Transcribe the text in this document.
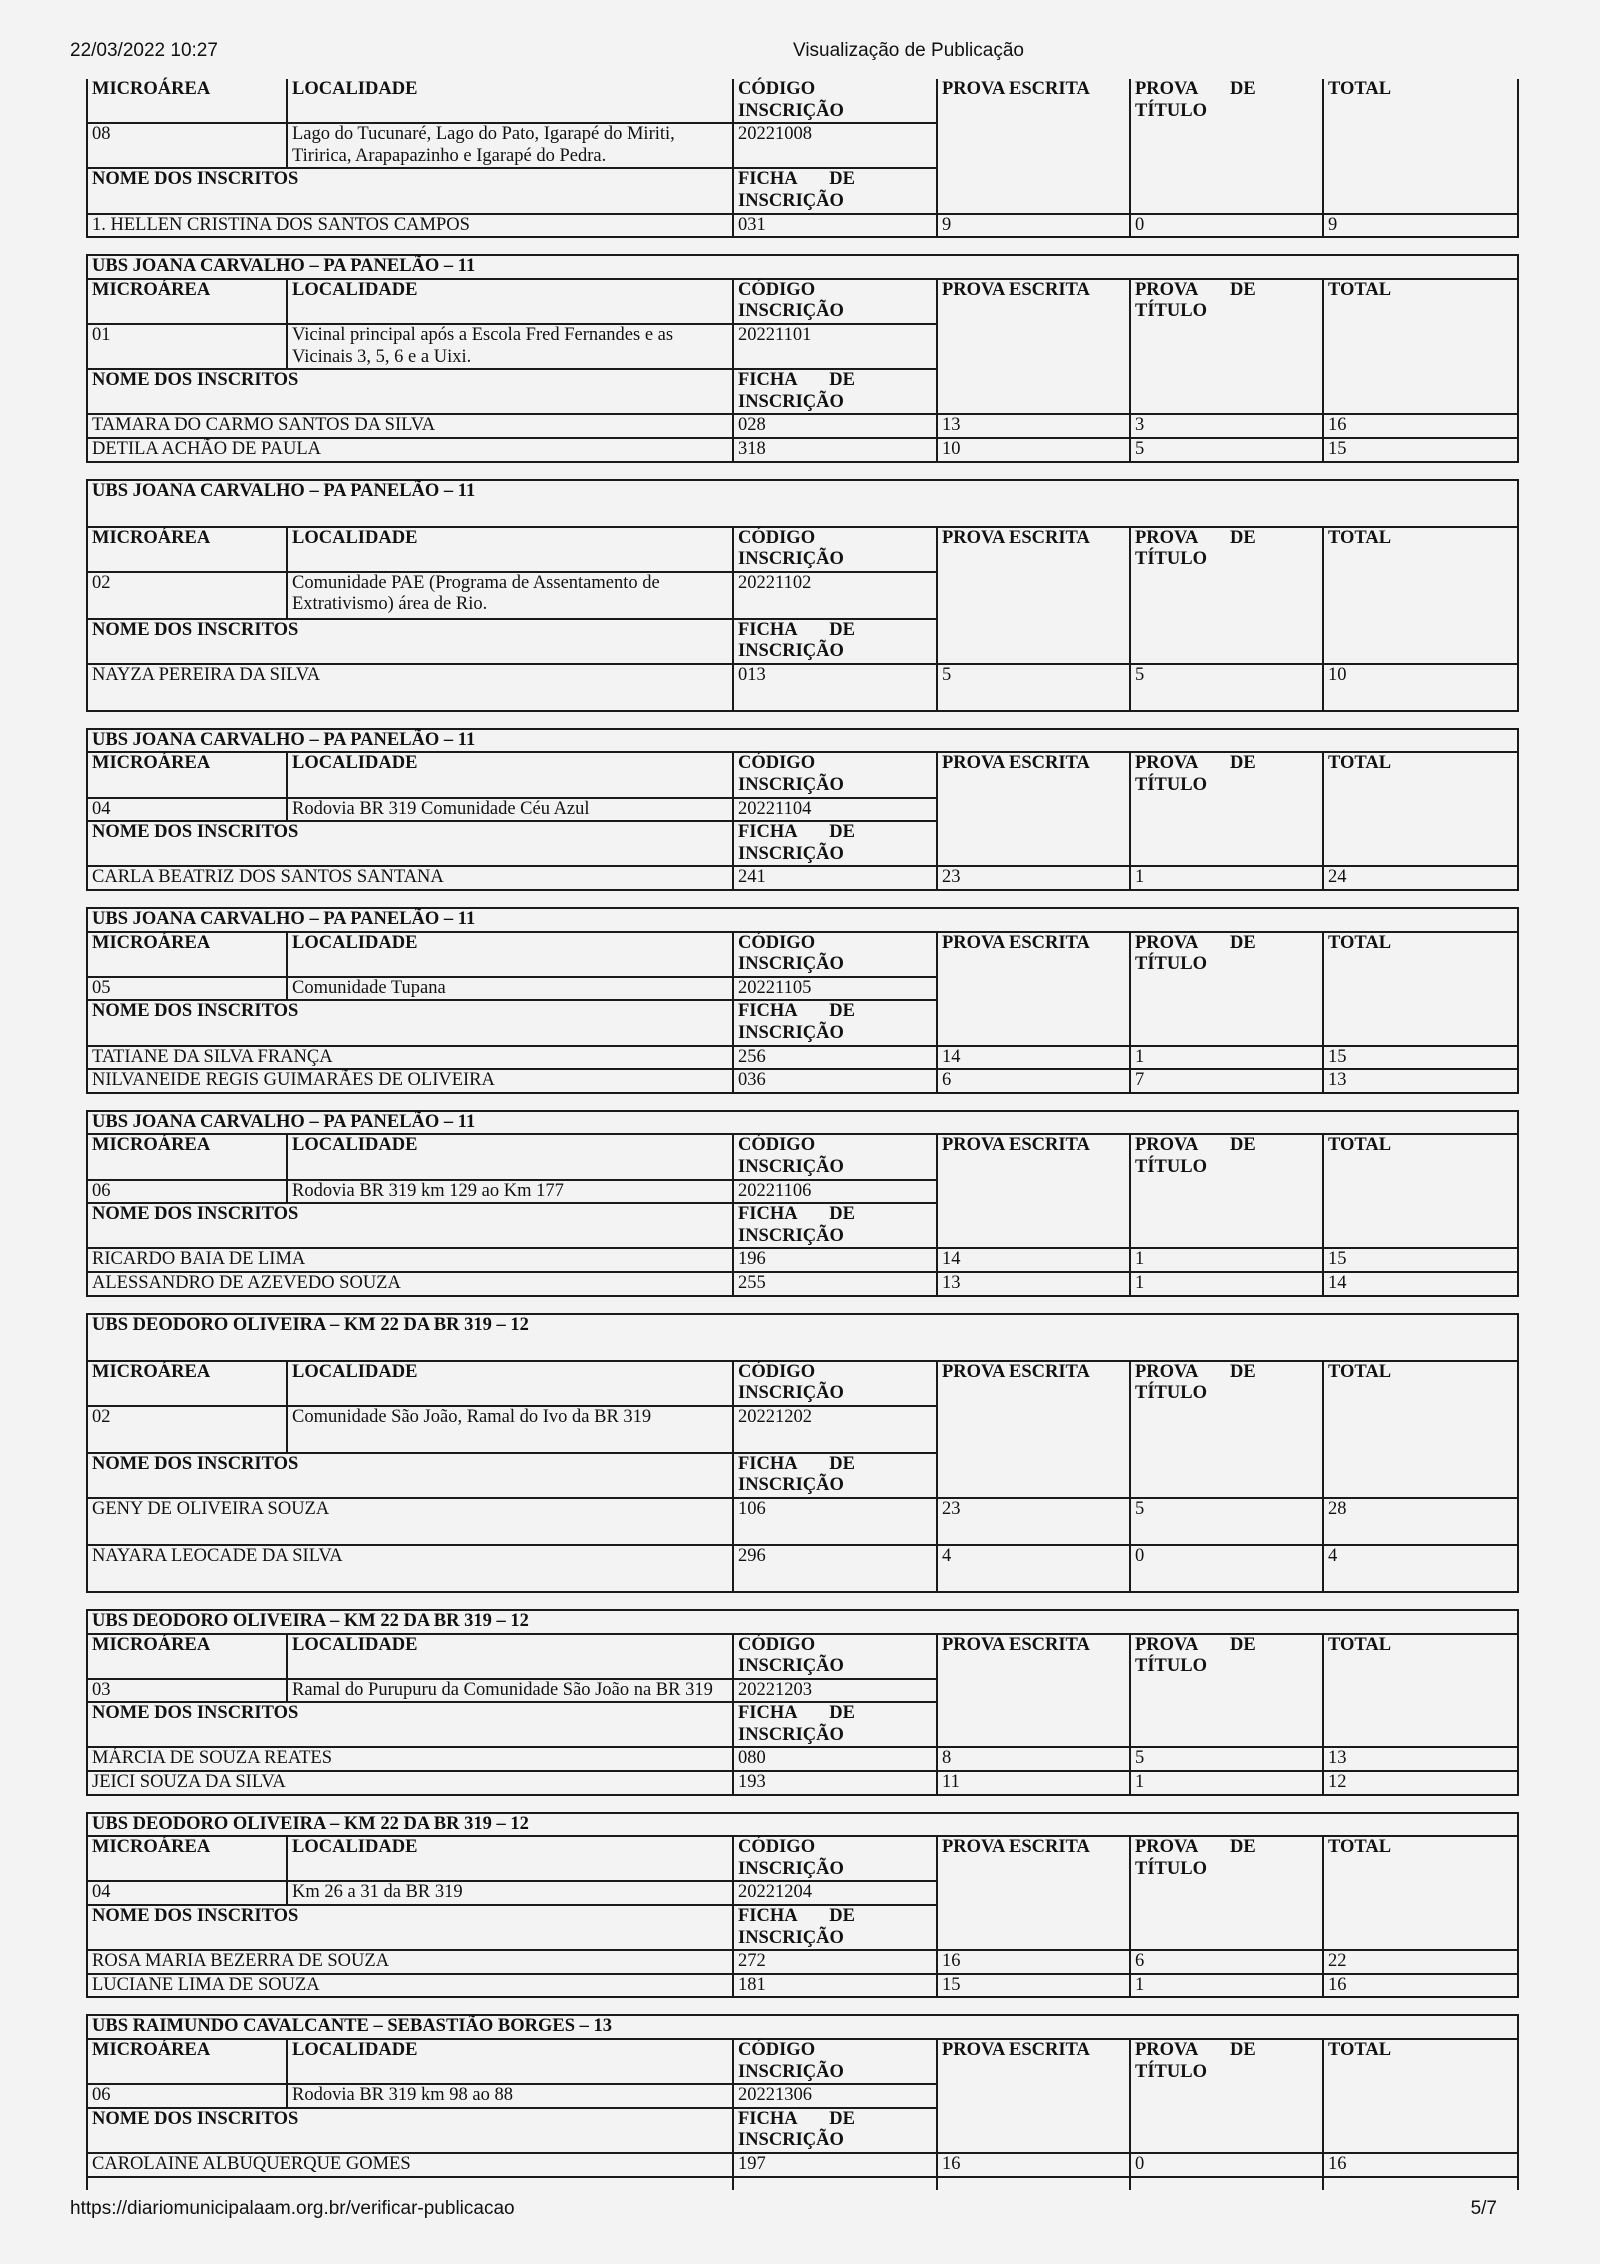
22/03/2022 10:27	Visualização de Publicação
MICROÁREA	LOCALIDADE	CÓDIGO INSCRIÇÃO	PROVA ESCRITA	PROVA DE TÍTULO	TOTAL
08	Lago do Tucunaré, Lago do Pato, Igarapé do Miriti, Tiririca, Arapapazinho e Igarapé do Pedra.	20221008			
NOME DOS INSCRITOS		FICHA DE INSCRIÇÃO			
1. HELLEN CRISTINA DOS SANTOS CAMPOS		031	9	0	9
UBS JOANA CARVALHO – PA PANELÃO – 11					
MICROÁREA	LOCALIDADE	CÓDIGO INSCRIÇÃO	PROVA ESCRITA	PROVA DE TÍTULO	TOTAL
01	Vicinal principal após a Escola Fred Fernandes e as Vicinais 3, 5, 6 e a Uixi.	20221101			
NOME DOS INSCRITOS		FICHA DE INSCRIÇÃO			
TAMARA DO CARMO SANTOS DA SILVA		028	13	3	16
DETILA ACHÃO DE PAULA		318	10	5	15
UBS JOANA CARVALHO – PA PANELÃO – 11					
MICROÁREA	LOCALIDADE	CÓDIGO INSCRIÇÃO	PROVA ESCRITA	PROVA DE TÍTULO	TOTAL
02	Comunidade PAE (Programa de Assentamento de Extrativismo) área de Rio.	20221102			
NOME DOS INSCRITOS		FICHA DE INSCRIÇÃO			
NAYZA PEREIRA DA SILVA		013	5	5	10
UBS JOANA CARVALHO – PA PANELÃO – 11					
MICROÁREA	LOCALIDADE	CÓDIGO INSCRIÇÃO	PROVA ESCRITA	PROVA DE TÍTULO	TOTAL
04	Rodovia BR 319 Comunidade Céu Azul	20221104			
NOME DOS INSCRITOS		FICHA DE INSCRIÇÃO			
CARLA BEATRIZ DOS SANTOS SANTANA		241	23	1	24
UBS JOANA CARVALHO – PA PANELÃO – 11					
MICROÁREA	LOCALIDADE	CÓDIGO INSCRIÇÃO	PROVA ESCRITA	PROVA DE TÍTULO	TOTAL
05	Comunidade Tupana	20221105			
NOME DOS INSCRITOS		FICHA DE INSCRIÇÃO			
TATIANE DA SILVA FRANÇA		256	14	1	15
NILVANEIDE REGIS GUIMARÃES DE OLIVEIRA		036	6	7	13
UBS JOANA CARVALHO – PA PANELÃO – 11					
MICROÁREA	LOCALIDADE	CÓDIGO INSCRIÇÃO	PROVA ESCRITA	PROVA DE TÍTULO	TOTAL
06	Rodovia BR 319 km 129 ao Km 177	20221106			
NOME DOS INSCRITOS		FICHA DE INSCRIÇÃO			
RICARDO BAIA DE LIMA		196	14	1	15
ALESSANDRO DE AZEVEDO SOUZA		255	13	1	14
UBS DEODORO OLIVEIRA – KM 22 DA BR 319 – 12					
MICROÁREA	LOCALIDADE	CÓDIGO INSCRIÇÃO	PROVA ESCRITA	PROVA DE TÍTULO	TOTAL
02	Comunidade São João, Ramal do Ivo da BR 319	20221202			
NOME DOS INSCRITOS		FICHA DE INSCRIÇÃO			
GENY DE OLIVEIRA SOUZA		106	23	5	28
NAYARA LEOCADE DA SILVA		296	4	0	4
UBS DEODORO OLIVEIRA – KM 22 DA BR 319 – 12					
MICROÁREA	LOCALIDADE	CÓDIGO INSCRIÇÃO	PROVA ESCRITA	PROVA DE TÍTULO	TOTAL
03	Ramal do Purupuru da Comunidade São João na BR 319	20221203			
NOME DOS INSCRITOS		FICHA DE INSCRIÇÃO			
MÁRCIA DE SOUZA REATES		080	8	5	13
JEICI SOUZA DA SILVA		193	11	1	12
UBS DEODORO OLIVEIRA – KM 22 DA BR 319 – 12					
MICROÁREA	LOCALIDADE	CÓDIGO INSCRIÇÃO	PROVA ESCRITA	PROVA DE TÍTULO	TOTAL
04	Km 26 a 31 da BR 319	20221204			
NOME DOS INSCRITOS		FICHA DE INSCRIÇÃO			
ROSA MARIA BEZERRA DE SOUZA		272	16	6	22
LUCIANE LIMA DE SOUZA		181	15	1	16
UBS RAIMUNDO CAVALCANTE – SEBASTIÃO BORGES – 13					
MICROÁREA	LOCALIDADE	CÓDIGO INSCRIÇÃO	PROVA ESCRITA	PROVA DE TÍTULO	TOTAL
06	Rodovia BR 319 km 98 ao 88	20221306			
NOME DOS INSCRITOS		FICHA DE INSCRIÇÃO			
CAROLAINE ALBUQUERQUE GOMES		197	16	0	16

https://diariomunicipalaam.org.br/verificar-publicacao	5/7
